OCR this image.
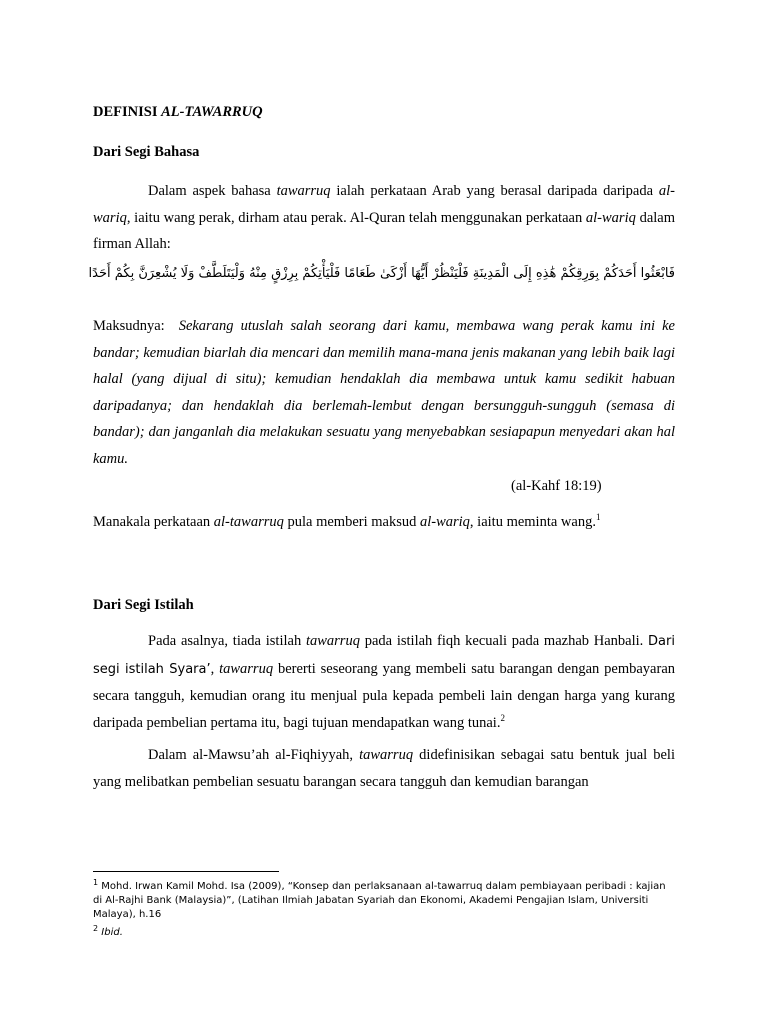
DEFINISI AL-TAWARRUQ
Dari Segi Bahasa
Dalam aspek bahasa tawarruq ialah perkataan Arab yang berasal daripada daripada al-wariq, iaitu wang perak, dirham atau perak. Al-Quran telah menggunakan perkataan al-wariq dalam firman Allah:
فَابْعَثُوا أَحَدَكُمْ بِوَرِقِكُمْ هَٰذِهِ إِلَى الْمَدِينَةِ فَلْيَنْظُرْ أَيُّهَا أَزْكَىٰ طَعَامًا فَلْيَأْتِكُمْ بِرِزْقٍ مِنْهُ وَلْيَتَلَطَّفْ وَلَا يُشْعِرَنَّ بِكُمْ أَحَدًا
Maksudnya: Sekarang utuslah salah seorang dari kamu, membawa wang perak kamu ini ke bandar; kemudian biarlah dia mencari dan memilih mana-mana jenis makanan yang lebih baik lagi halal (yang dijual di situ); kemudian hendaklah dia membawa untuk kamu sedikit habuan daripadanya; dan hendaklah dia berlemah-lembut dengan bersungguh-sungguh (semasa di bandar); dan janganlah dia melakukan sesuatu yang menyebabkan sesiapapun menyedari akan hal kamu.
(al-Kahf 18:19)
Manakala perkataan al-tawarruq pula memberi maksud al-wariq, iaitu meminta wang.$^1$
Dari Segi Istilah
Pada asalnya, tiada istilah tawarruq pada istilah fiqh kecuali pada mazhab Hanbali. Dari segi istilah Syara’, tawarruq bererti seseorang yang membeli satu barangan dengan pembayaran secara tangguh, kemudian orang itu menjual pula kepada pembeli lain dengan harga yang kurang daripada pembelian pertama itu, bagi tujuan mendapatkan wang tunai.$^2$
Dalam al-Mawsu’ah al-Fiqhiyyah, tawarruq didefinisikan sebagai satu bentuk jual beli yang melibatkan pembelian sesuatu barangan secara tangguh dan kemudian barangan

$^1$ Mohd. Irwan Kamil Mohd. Isa (2009), “Konsep dan perlaksanaan al-tawarruq dalam pembiayaan peribadi : kajian di Al-Rajhi Bank (Malaysia)”, (Latihan Ilmiah Jabatan Syariah dan Ekonomi, Akademi Pengajian Islam, Universiti Malaya), h.16

$^2$ Ibid.
